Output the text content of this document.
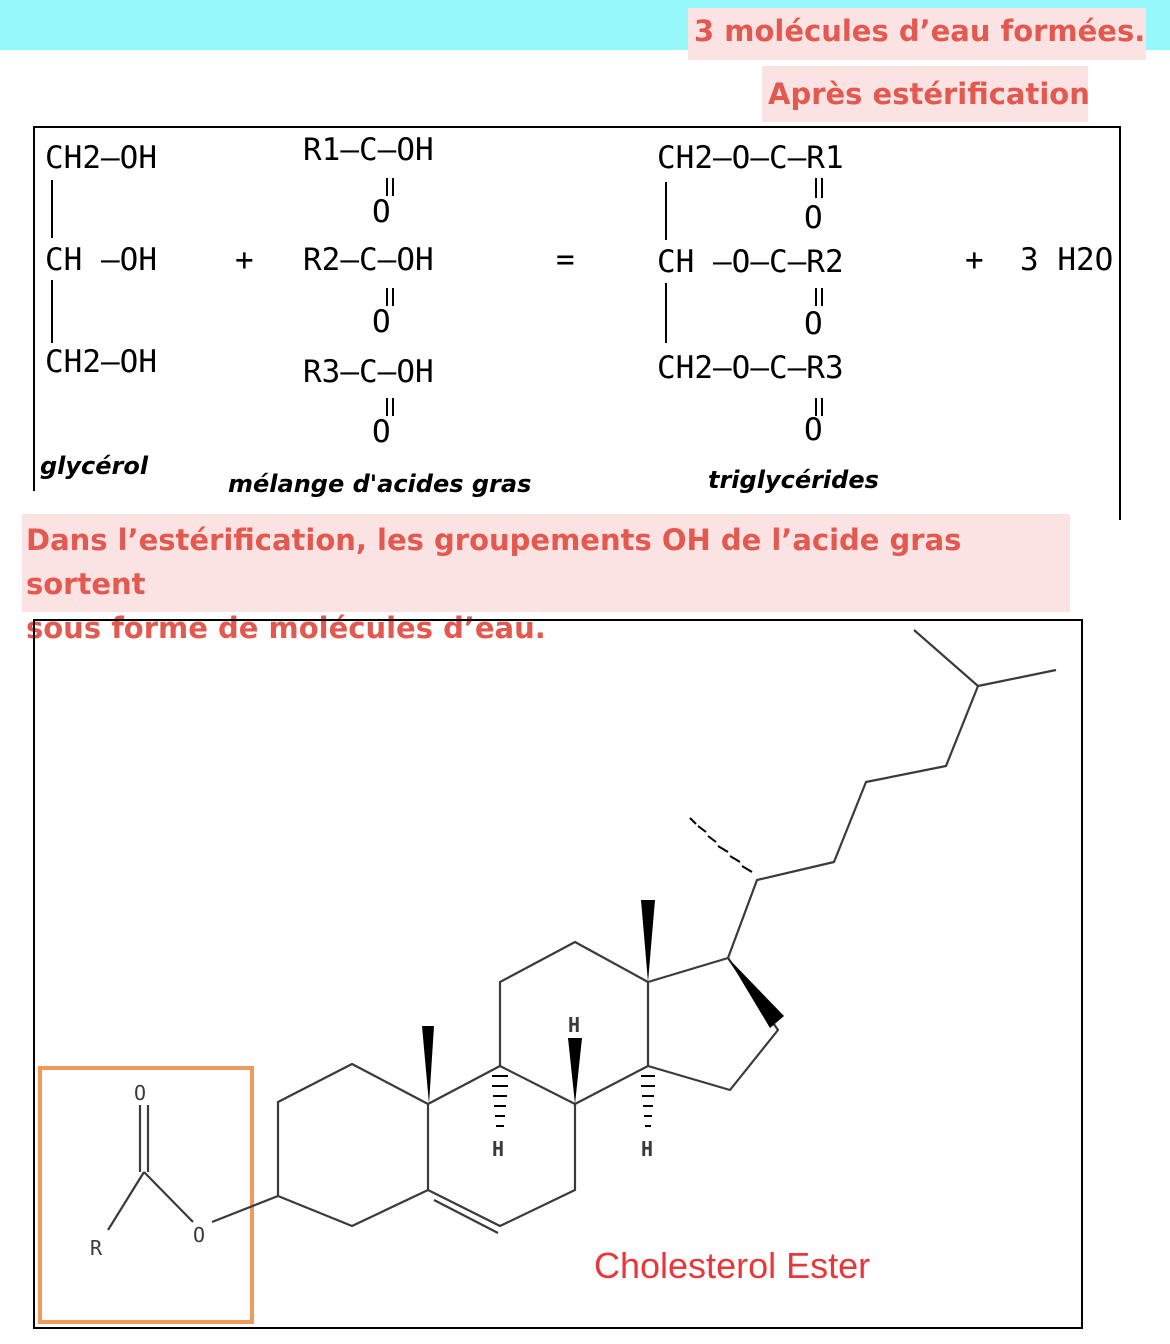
3 molécules d’eau formées.
Après estérification
CH2—OH
CH —OH
CH2—OH
+
R1—C—OH
O
R2—C—OH
O
R3—C—OH
O
=
CH2—O—C—R1
O
CH —O—C—R2
O
CH2—O—C—R3
O
+ 3 H2O
glycérol
mélange d'acides gras	triglycérides
Dans l’estérification, les groupements OH de l’acide gras sortent
sous forme de molécules d’eau.
O
R
O
H
H	H
Cholesterol Ester
